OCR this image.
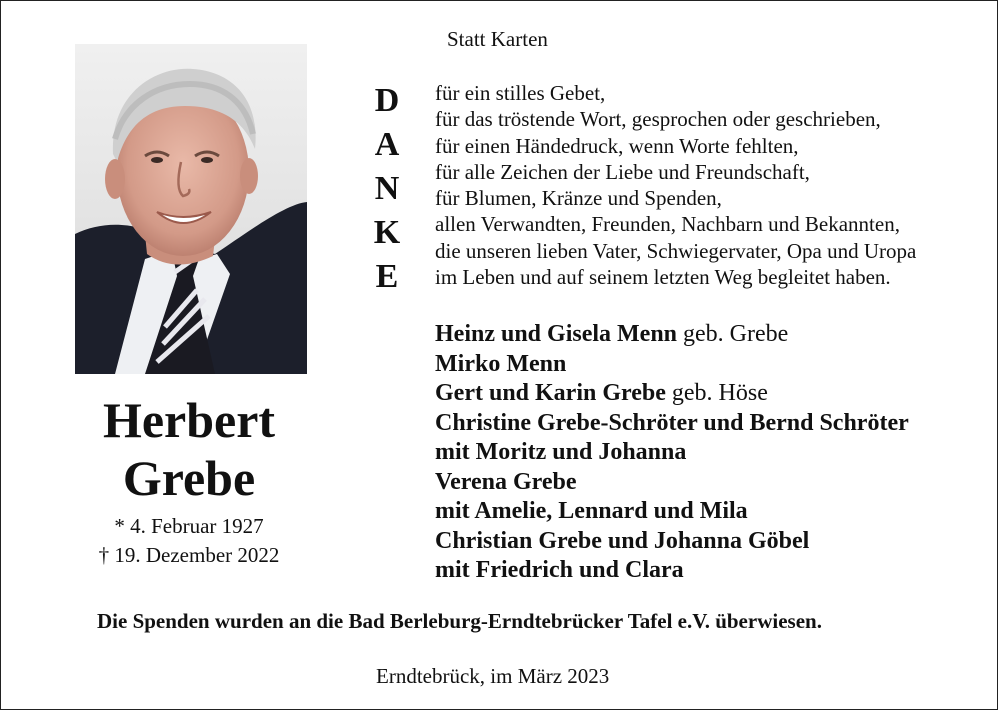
Statt Karten
D
A
N
K
E
für ein stilles Gebet,
für das tröstende Wort, gesprochen oder geschrieben,
für einen Händedruck, wenn Worte fehlten,
für alle Zeichen der Liebe und Freundschaft,
für Blumen, Kränze und Spenden,
allen Verwandten, Freunden, Nachbarn und Bekannten,
die unseren lieben Vater, Schwiegervater, Opa und Uropa
im Leben und auf seinem letzten Weg begleitet haben.
Herbert
Grebe
* 4. Februar 1927
† 19. Dezember 2022
Heinz und Gisela Menn geb. Grebe
Mirko Menn
Gert und Karin Grebe geb. Höse
Christine Grebe-Schröter und Bernd Schröter
mit Moritz und Johanna
Verena Grebe
mit Amelie, Lennard und Mila
Christian Grebe und Johanna Göbel
mit Friedrich und Clara
Die Spenden wurden an die Bad Berleburg-Erndtebrücker Tafel e.V. überwiesen.
Erndtebrück, im März 2023
